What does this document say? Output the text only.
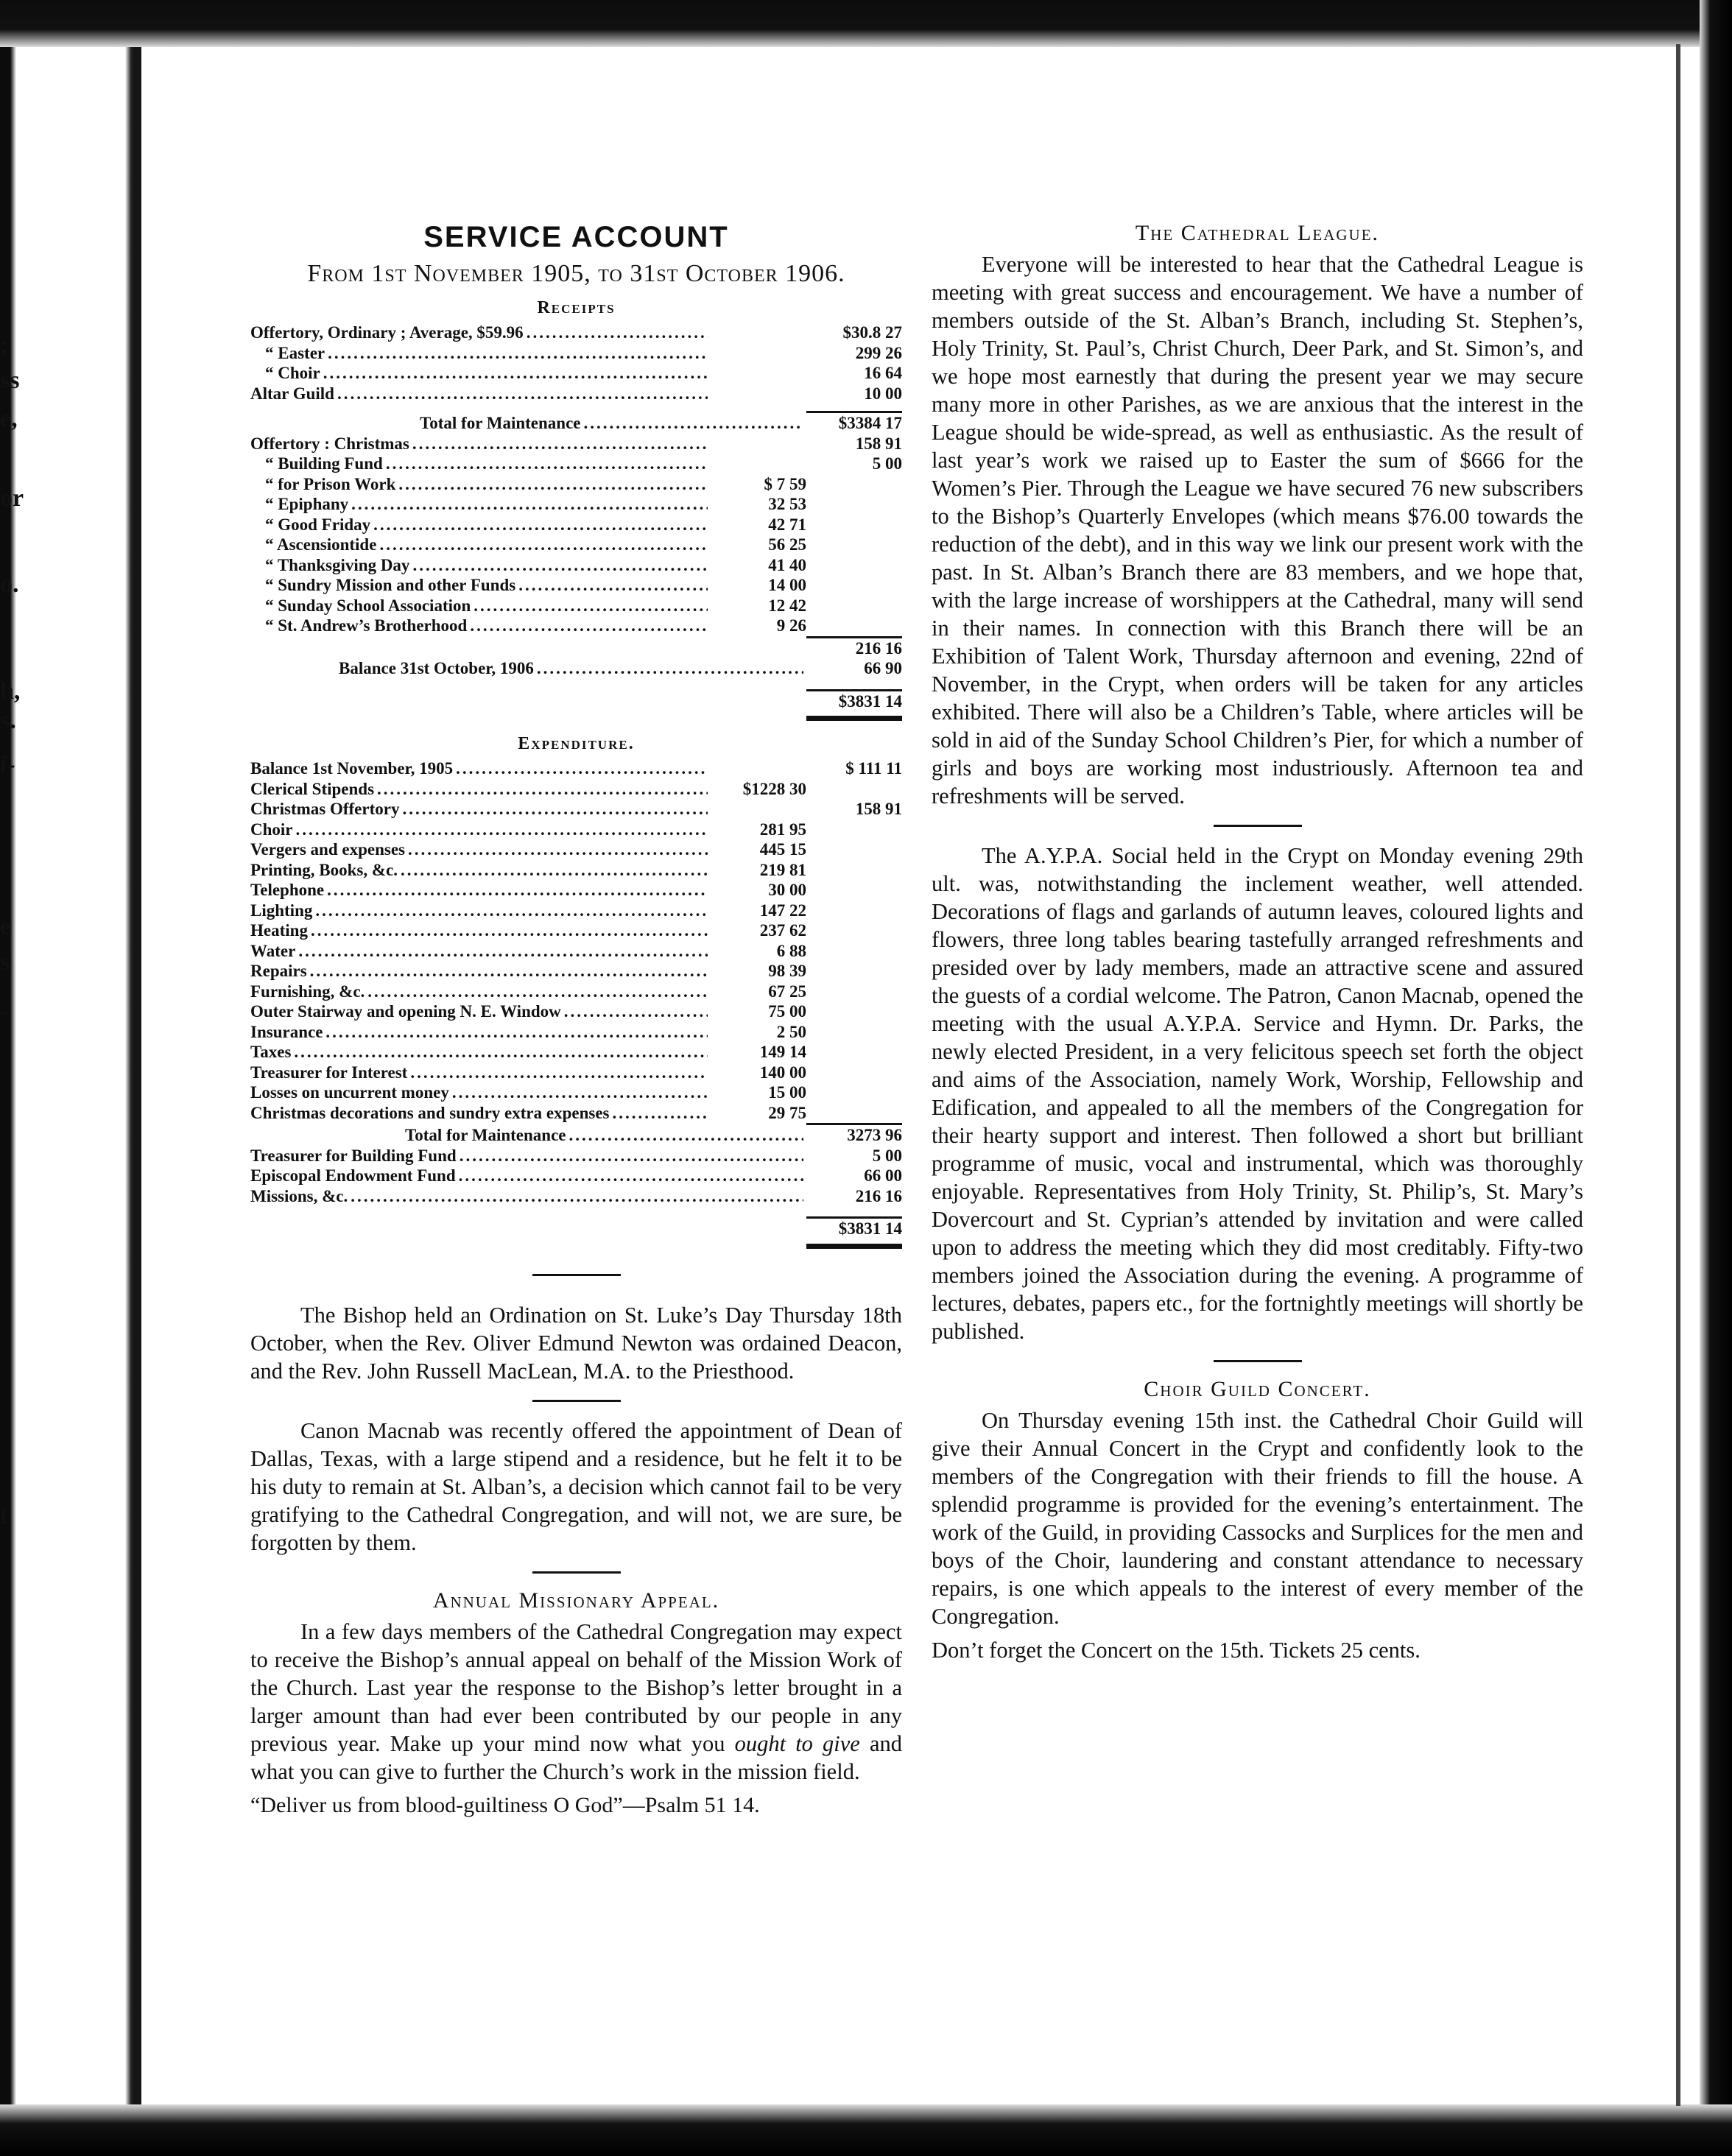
;
ss
e,
or
o.
h,
s.
i-
e
s
-
t
SERVICE ACCOUNT
From 1st November 1905, to 31st October 1906.
Receipts
Offertory, Ordinary ; Average, $59.96 .....	$30.8 27
“ Easter .....	299 26
“ Choir .....	16 64
Altar Guild .....	10 00
Total for Maintenance .....	$3384 17
Offertory : Christmas .....	158 91
“ Building Fund .....	5 00
“ for Prison Work .....	$ 7 59
“ Epiphany .....	32 53
“ Good Friday .....	42 71
“ Ascensiontide .....	56 25
“ Thanksgiving Day .....	41 40
“ Sundry Mission and other Funds .....	14 00
“ Sunday School Association .....	12 42
“ St. Andrew’s Brotherhood .....	9 26
216 16
Balance 31st October, 1906 .....	66 90
$3831 14
Expenditure.
Balance 1st November, 1905 .....	$ 111 11
Clerical Stipends .....	$1228 30
Christmas Offertory .....	158 91
Choir .....	281 95
Vergers and expenses .....	445 15
Printing, Books, &c. .....	219 81
Telephone .....	30 00
Lighting .....	147 22
Heating .....	237 62
Water .....	6 88
Repairs .....	98 39
Furnishing, &c. .....	67 25
Outer Stairway and opening N. E. Window .....	75 00
Insurance .....	2 50
Taxes .....	149 14
Treasurer for Interest .....	140 00
Losses on uncurrent money .....	15 00
Christmas decorations and sundry extra expenses .....	29 75
Total for Maintenance .....	3273 96
Treasurer for Building Fund .....	5 00
Episcopal Endowment Fund .....	66 00
Missions, &c. .....	216 16
$3831 14

The Bishop held an Ordination on St. Luke’s Day Thursday 18th October, when the Rev. Oliver Edmund Newton was ordained Deacon, and the Rev. John Russell MacLean, M.A. to the Priesthood.

Canon Macnab was recently offered the appointment of Dean of Dallas, Texas, with a large stipend and a residence, but he felt it to be his duty to remain at St. Alban’s, a decision which cannot fail to be very gratifying to the Cathedral Congregation, and will not, we are sure, be forgotten by them.

Annual Missionary Appeal.

In a few days members of the Cathedral Congregation may expect to receive the Bishop’s annual appeal on behalf of the Mission Work of the Church. Last year the response to the Bishop’s letter brought in a larger amount than had ever been contributed by our people in any previous year. Make up your mind now what you ought to give and what you can give to further the Church’s work in the mission field.

“Deliver us from blood-guiltiness O God”—Psalm 51 14.

The Cathedral League.

Everyone will be interested to hear that the Cathedral League is meeting with great success and encouragement. We have a number of members outside of the St. Alban’s Branch, including St. Stephen’s, Holy Trinity, St. Paul’s, Christ Church, Deer Park, and St. Simon’s, and we hope most earnestly that during the present year we may secure many more in other Parishes, as we are anxious that the interest in the League should be wide-spread, as well as enthusiastic. As the result of last year’s work we raised up to Easter the sum of $666 for the Women’s Pier. Through the League we have secured 76 new subscribers to the Bishop’s Quarterly Envelopes (which means $76.00 towards the reduction of the debt), and in this way we link our present work with the past. In St. Alban’s Branch there are 83 members, and we hope that, with the large increase of worshippers at the Cathedral, many will send in their names. In connection with this Branch there will be an Exhibition of Talent Work, Thursday afternoon and evening, 22nd of November, in the Crypt, when orders will be taken for any articles exhibited. There will also be a Children’s Table, where articles will be sold in aid of the Sunday School Children’s Pier, for which a number of girls and boys are working most industriously. Afternoon tea and refreshments will be served.

The A.Y.P.A. Social held in the Crypt on Monday evening 29th ult. was, notwithstanding the inclement weather, well attended. Decorations of flags and garlands of autumn leaves, coloured lights and flowers, three long tables bearing tastefully arranged refreshments and presided over by lady members, made an attractive scene and assured the guests of a cordial welcome. The Patron, Canon Macnab, opened the meeting with the usual A.Y.P.A. Service and Hymn. Dr. Parks, the newly elected President, in a very felicitous speech set forth the object and aims of the Association, namely Work, Worship, Fellowship and Edification, and appealed to all the members of the Congregation for their hearty support and interest. Then followed a short but brilliant programme of music, vocal and instrumental, which was thoroughly enjoyable. Representatives from Holy Trinity, St. Philip’s, St. Mary’s Dovercourt and St. Cyprian’s attended by invitation and were called upon to address the meeting which they did most creditably. Fifty-two members joined the Association during the evening. A programme of lectures, debates, papers etc., for the fortnightly meetings will shortly be published.

Choir Guild Concert.

On Thursday evening 15th inst. the Cathedral Choir Guild will give their Annual Concert in the Crypt and confidently look to the members of the Congregation with their friends to fill the house. A splendid programme is provided for the evening’s entertainment. The work of the Guild, in providing Cassocks and Surplices for the men and boys of the Choir, laundering and constant attendance to necessary repairs, is one which appeals to the interest of every member of the Congregation.

Don’t forget the Concert on the 15th. Tickets 25 cents.
